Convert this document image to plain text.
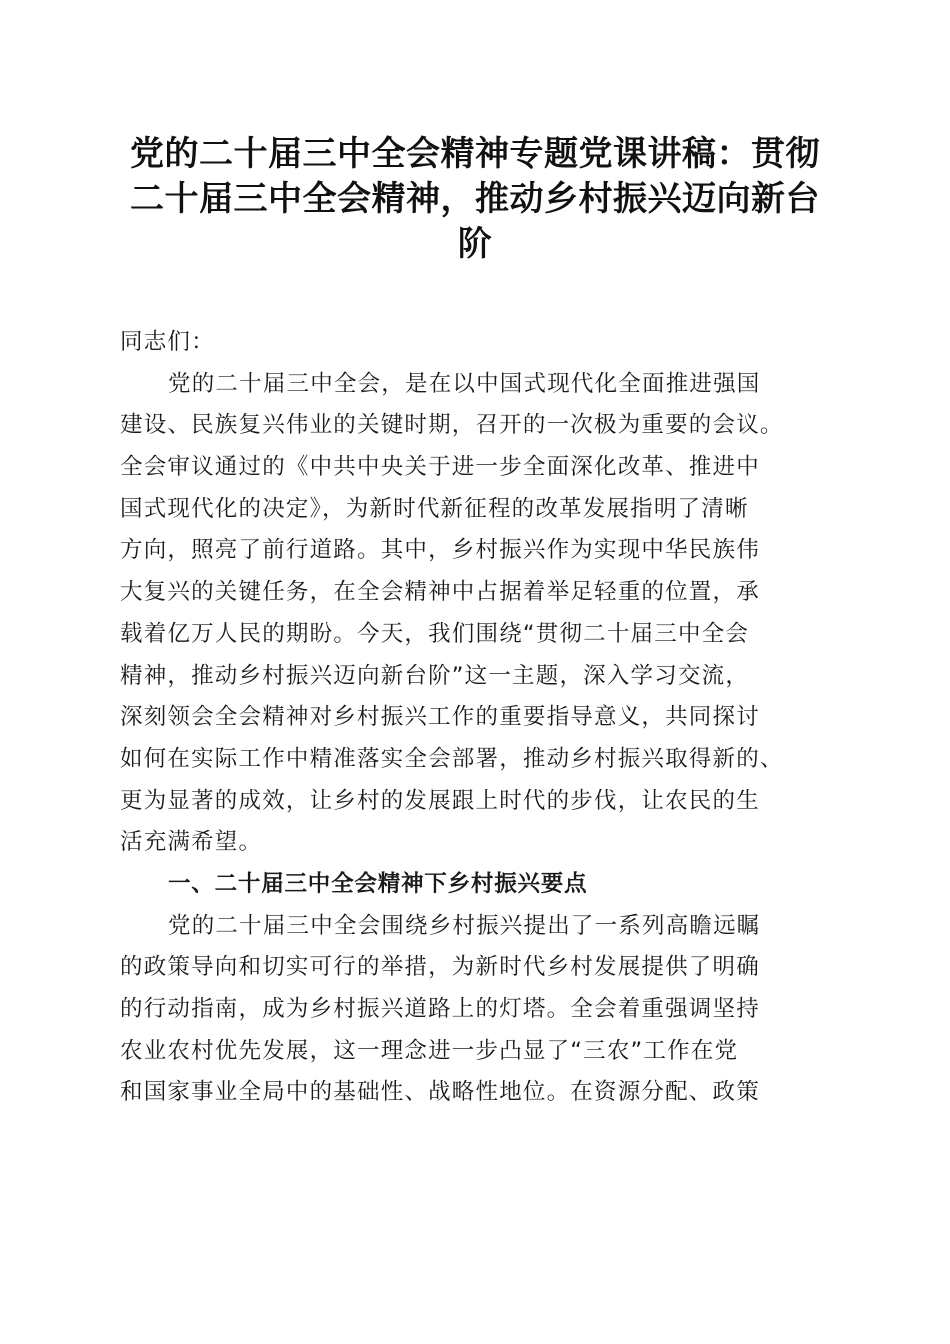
党的二十届三中全会精神专题党课讲稿：贯彻
二十届三中全会精神，推动乡村振兴迈向新台
阶
同志们：
党的二十届三中全会，是在以中国式现代化全面推进强国
建设、民族复兴伟业的关键时期，召开的一次极为重要的会议。
全会审议通过的《中共中央关于进一步全面深化改革、推进中
国式现代化的决定》，为新时代新征程的改革发展指明了清晰
方向，照亮了前行道路。其中，乡村振兴作为实现中华民族伟
大复兴的关键任务，在全会精神中占据着举足轻重的位置，承
载着亿万人民的期盼。今天，我们围绕“贯彻二十届三中全会
精神，推动乡村振兴迈向新台阶”这一主题，深入学习交流，
深刻领会全会精神对乡村振兴工作的重要指导意义，共同探讨
如何在实际工作中精准落实全会部署，推动乡村振兴取得新的、
更为显著的成效，让乡村的发展跟上时代的步伐，让农民的生
活充满希望。
一、二十届三中全会精神下乡村振兴要点
党的二十届三中全会围绕乡村振兴提出了一系列高瞻远瞩
的政策导向和切实可行的举措，为新时代乡村发展提供了明确
的行动指南，成为乡村振兴道路上的灯塔。全会着重强调坚持
农业农村优先发展，这一理念进一步凸显了“三农”工作在党
和国家事业全局中的基础性、战略性地位。在资源分配、政策
